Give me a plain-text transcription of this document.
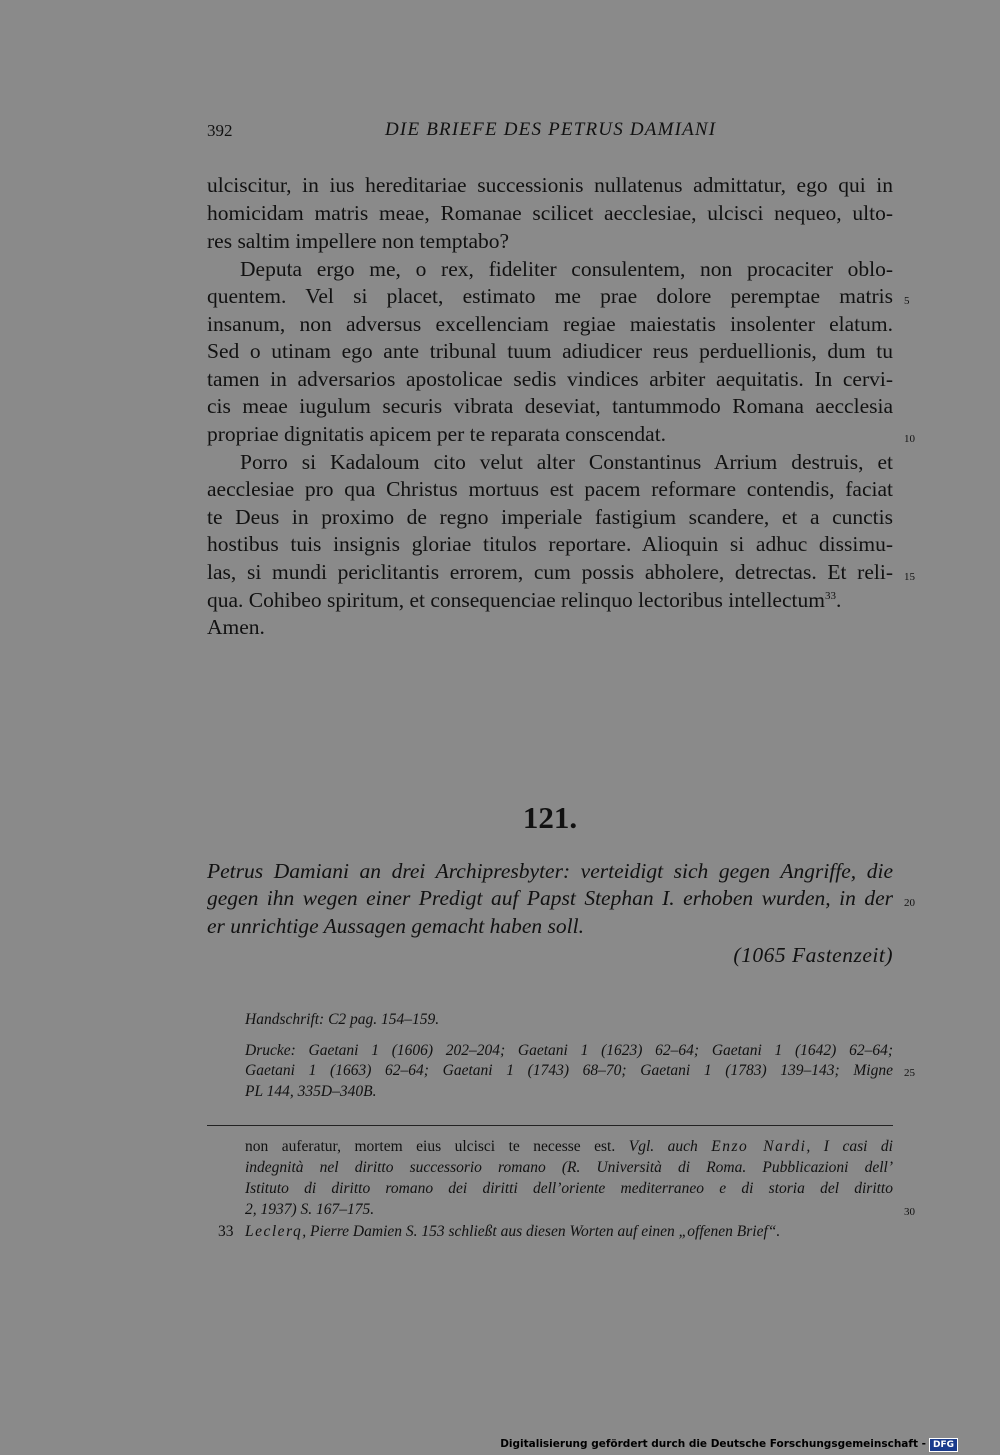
392	DIE BRIEFE DES PETRUS DAMIANI
ulciscitur, in ius hereditariae successionis nullatenus admittatur, ego qui in
homicidam matris meae, Romanae scilicet aecclesiae, ulcisci nequeo, ulto-
res saltim impellere non temptabo?
Deputa ergo me, o rex, fideliter consulentem, non procaciter oblo-
quentem. Vel si placet, estimato me prae dolore peremptae matris
insanum, non adversus excellenciam regiae maiestatis insolenter elatum.
Sed o utinam ego ante tribunal tuum adiudicer reus perduellionis, dum tu
tamen in adversarios apostolicae sedis vindices arbiter aequitatis. In cervi-
cis meae iugulum securis vibrata deseviat, tantummodo Romana aecclesia
propriae dignitatis apicem per te reparata conscendat.
Porro si Kadaloum cito velut alter Constantinus Arrium destruis, et
aecclesiae pro qua Christus mortuus est pacem reformare contendis, faciat
te Deus in proximo de regno imperiale fastigium scandere, et a cunctis
hostibus tuis insignis gloriae titulos reportare. Alioquin si adhuc dissimu-
las, si mundi periclitantis errorem, cum possis abholere, detrectas. Et reli-
qua. Cohibeo spiritum, et consequenciae relinquo lectoribus intellectum$^{33}$.
Amen.
5
10
15
121.
Petrus Damiani an drei Archipresbyter: verteidigt sich gegen Angriffe, die
gegen ihn wegen einer Predigt auf Papst Stephan I. erhoben wurden, in der
er unrichtige Aussagen gemacht haben soll.
20
(1065 Fastenzeit)
Handschrift: C2 pag. 154–159.
Drucke: Gaetani 1 (1606) 202–204; Gaetani 1 (1623) 62–64; Gaetani 1 (1642) 62–64;
Gaetani 1 (1663) 62–64; Gaetani 1 (1743) 68–70; Gaetani 1 (1783) 139–143; Migne
PL 144, 335D–340B.
25
non auferatur, mortem eius ulcisci te necesse est. Vgl. auch Enzo Nardi, I casi di
indegnità nel diritto successorio romano (R. Università di Roma. Pubblicazioni dell’
Istituto di diritto romano dei diritti dell’oriente mediterraneo e di storia del diritto
2, 1937) S. 167–175.	30
33 Leclerq, Pierre Damien S. 153 schließt aus diesen Worten auf einen „offenen Brief“.
Digitalisierung gefördert durch die Deutsche Forschungsgemeinschaft - DFG
